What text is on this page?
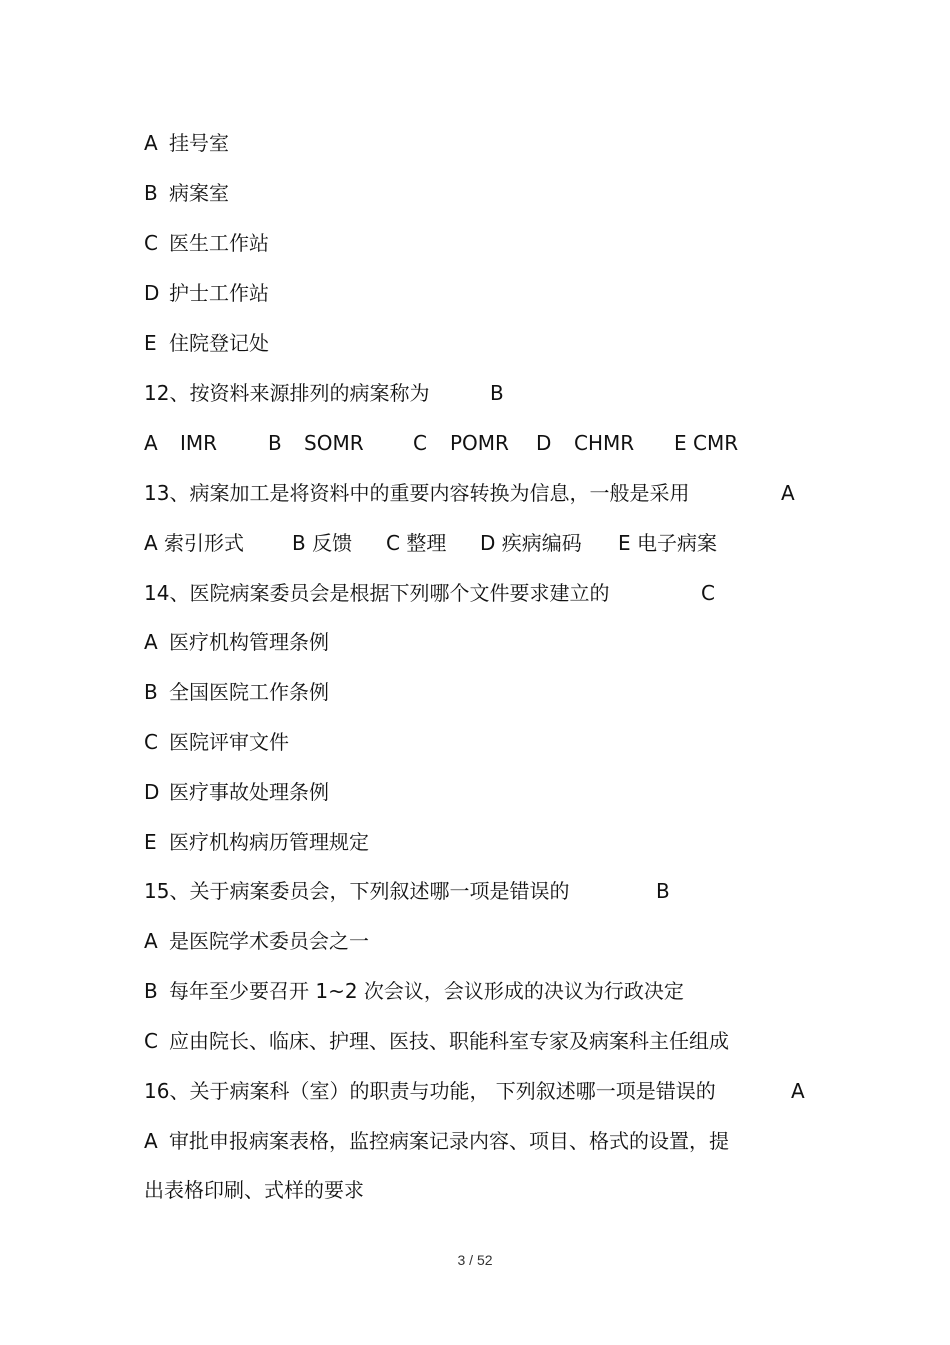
A 挂号室
B 病案室
C 医生工作站
D 护士工作站
E 住院登记处
12、按资料来源排列的病案称为	B
A IMR	B SOMR C POMR D CHMR E CMR
13、病案加工是将资料中的重要内容转换为信息，一般是采用	A
A 索引形式 B 反馈 C 整理 D 疾病编码 E 电子病案
14、医院病案委员会是根据下列哪个文件要求建立的	C
A 医疗机构管理条例
B 全国医院工作条例
C 医院评审文件
D 医疗事故处理条例
E 医疗机构病历管理规定
15、关于病案委员会，下列叙述哪一项是错误的	B
A 是医院学术委员会之一
B 每年至少要召开 1~2 次会议，会议形成的决议为行政决定
C 应由院长、临床、护理、医技、职能科室专家及病案科主任组成
16、关于病案科（室）的职责与功能， 下列叙述哪一项是错误的	A
A 审批申报病案表格，监控病案记录内容、项目、格式的设置，提
出表格印刷、式样的要求
3 / 52
